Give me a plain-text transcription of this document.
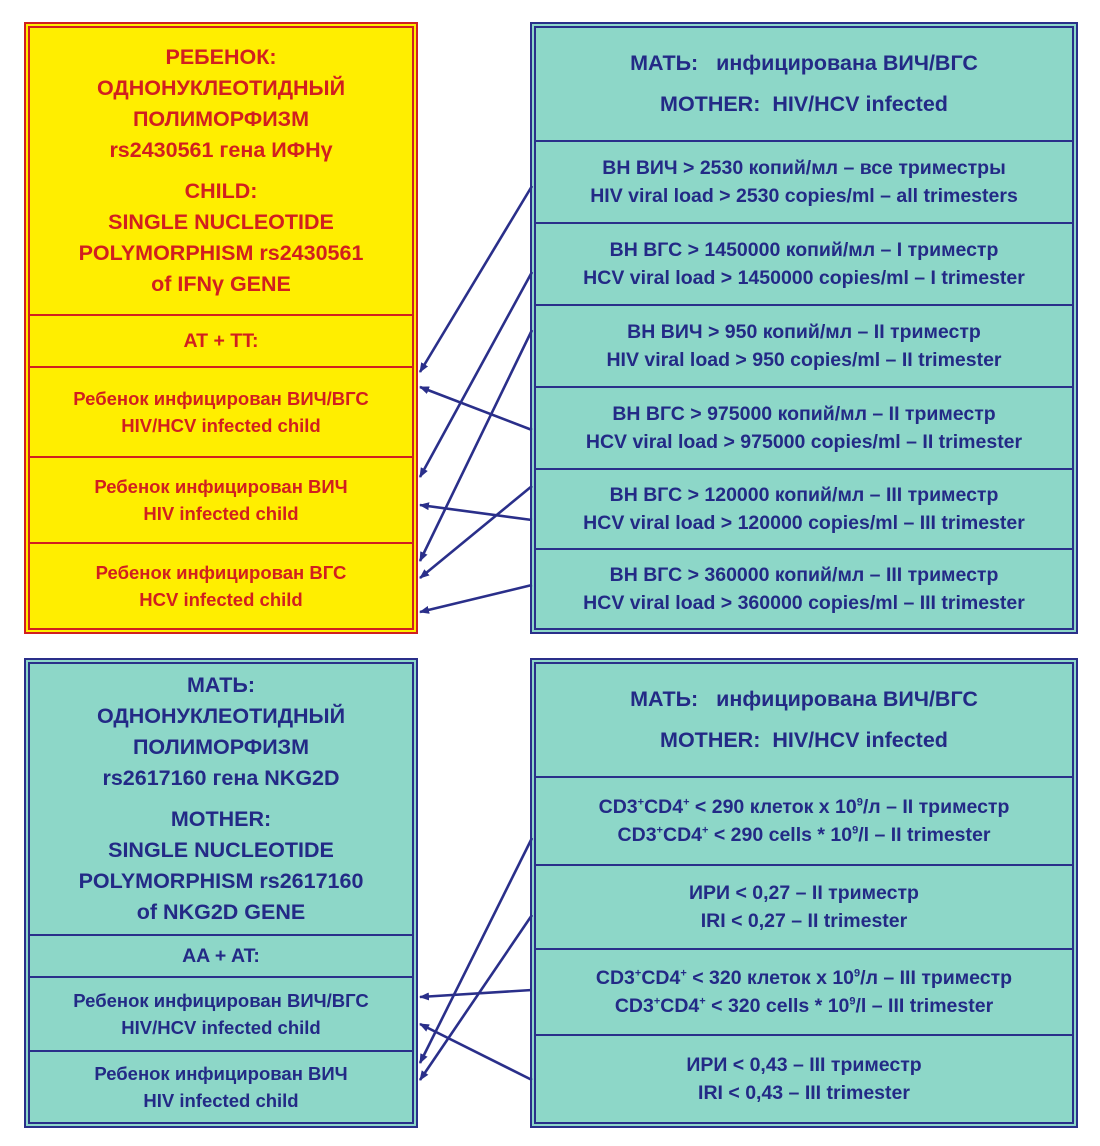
РЕБЕНОК:
ОДНОНУКЛЕОТИДНЫЙ
ПОЛИМОРФИЗМ
rs2430561 гена ИФНγ
CHILD:
SINGLE NUCLEOTIDE
POLYMORPHISM rs2430561
of IFNγ GENE
AT + TT:
Ребенок инфицирован ВИЧ/ВГС
HIV/HCV infected child
Ребенок инфицирован ВИЧ
HIV infected child
Ребенок инфицирован ВГС
HCV infected child
МАТЬ:   инфицирована ВИЧ/ВГС
MOTHER:  HIV/HCV infected
ВН ВИЧ > 2530 копий/мл – все триместры
HIV viral load > 2530 copies/ml – all trimesters
ВН ВГС > 1450000 копий/мл – I триместр
HCV viral load > 1450000 copies/ml – I trimester
ВН ВИЧ > 950 копий/мл – II триместр
HIV viral load > 950 copies/ml – II trimester
ВН ВГС > 975000 копий/мл – II триместр
HCV viral load > 975000 copies/ml – II trimester
ВН ВГС > 120000 копий/мл – III триместр
HCV viral load > 120000 copies/ml – III trimester
ВН ВГС > 360000 копий/мл – III триместр
HCV viral load > 360000 copies/ml – III trimester
МАТЬ:
ОДНОНУКЛЕОТИДНЫЙ
ПОЛИМОРФИЗМ
rs2617160 гена NKG2D
MOTHER:
SINGLE NUCLEOTIDE
POLYMORPHISM rs2617160
of NKG2D GENE
AA + AT:
Ребенок инфицирован ВИЧ/ВГС
HIV/HCV infected child
Ребенок инфицирован ВИЧ
HIV infected child
МАТЬ:   инфицирована ВИЧ/ВГС
MOTHER:  HIV/HCV infected
CD3+CD4+ < 290 клеток х $10^9/л$ – II триместр
CD3+CD4+ < 290 cells * $10^9/l$ – II trimester
ИРИ < 0,27 – II триместр
IRI < 0,27 – II trimester
CD3+CD4+ < 320 клеток х $10^9/л$ – III триместр
CD3+CD4+ < 320 cells * $10^9/l$ – III trimester
ИРИ < 0,43 – III триместр
IRI < 0,43 – III trimester
